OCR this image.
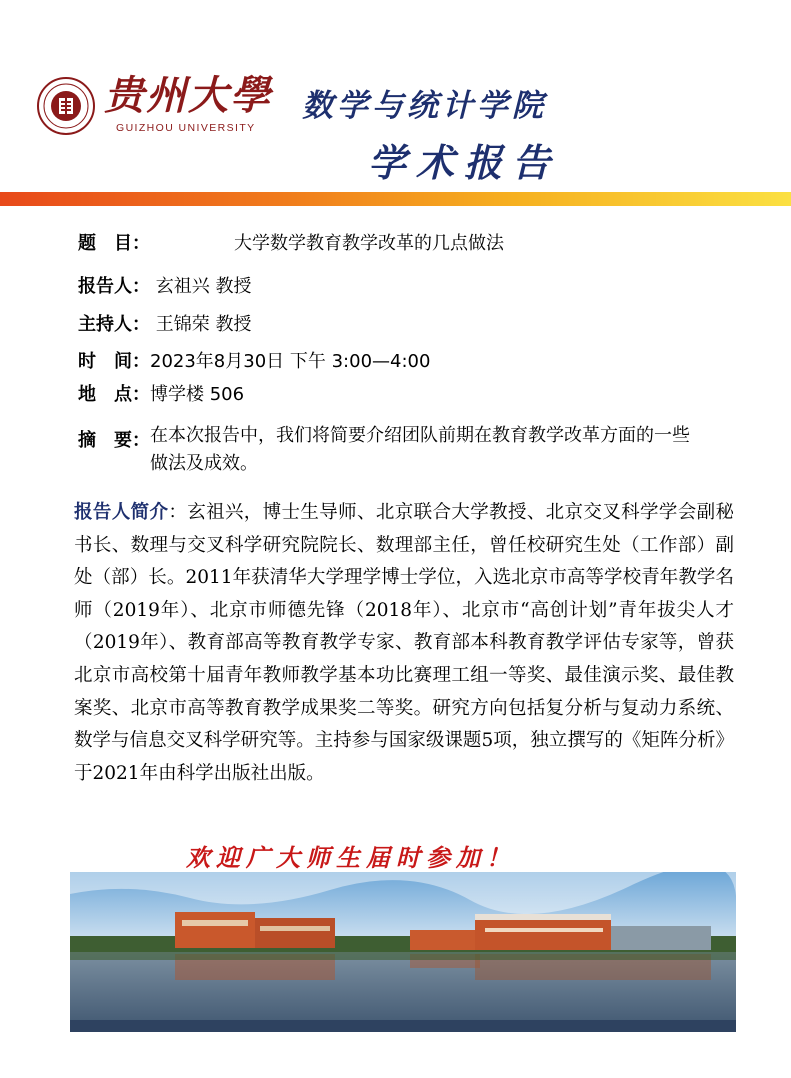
贵州大學
GUIZHOU UNIVERSITY
数学与统计学院
学术报告
题　目：	大学数学教育教学改革的几点做法
报告人： 玄祖兴 教授
主持人： 王锦荣 教授
时　间：2023年8月30日 下午 3:00—4:00
地　点：博学楼 506
摘　要：在本次报告中，我们将简要介绍团队前期在教育教学改革方面的一些做法及成效。
报告人简介：玄祖兴，博士生导师、北京联合大学教授、北京交叉科学学会副秘书长、数理与交叉科学研究院院长、数理部主任，曾任校研究生处（工作部）副处（部）长。2011年获清华大学理学博士学位，入选北京市高等学校青年教学名师（2019年）、北京市师德先锋（2018年）、北京市“高创计划”青年拔尖人才（2019年）、教育部高等教育教学专家、教育部本科教育教学评估专家等，曾获北京市高校第十届青年教师教学基本功比赛理工组一等奖、最佳演示奖、最佳教案奖、北京市高等教育教学成果奖二等奖。研究方向包括复分析与复动力系统、数学与信息交叉科学研究等。主持参与国家级课题5项，独立撰写的《矩阵分析》于2021年由科学出版社出版。
欢迎广大师生届时参加！
